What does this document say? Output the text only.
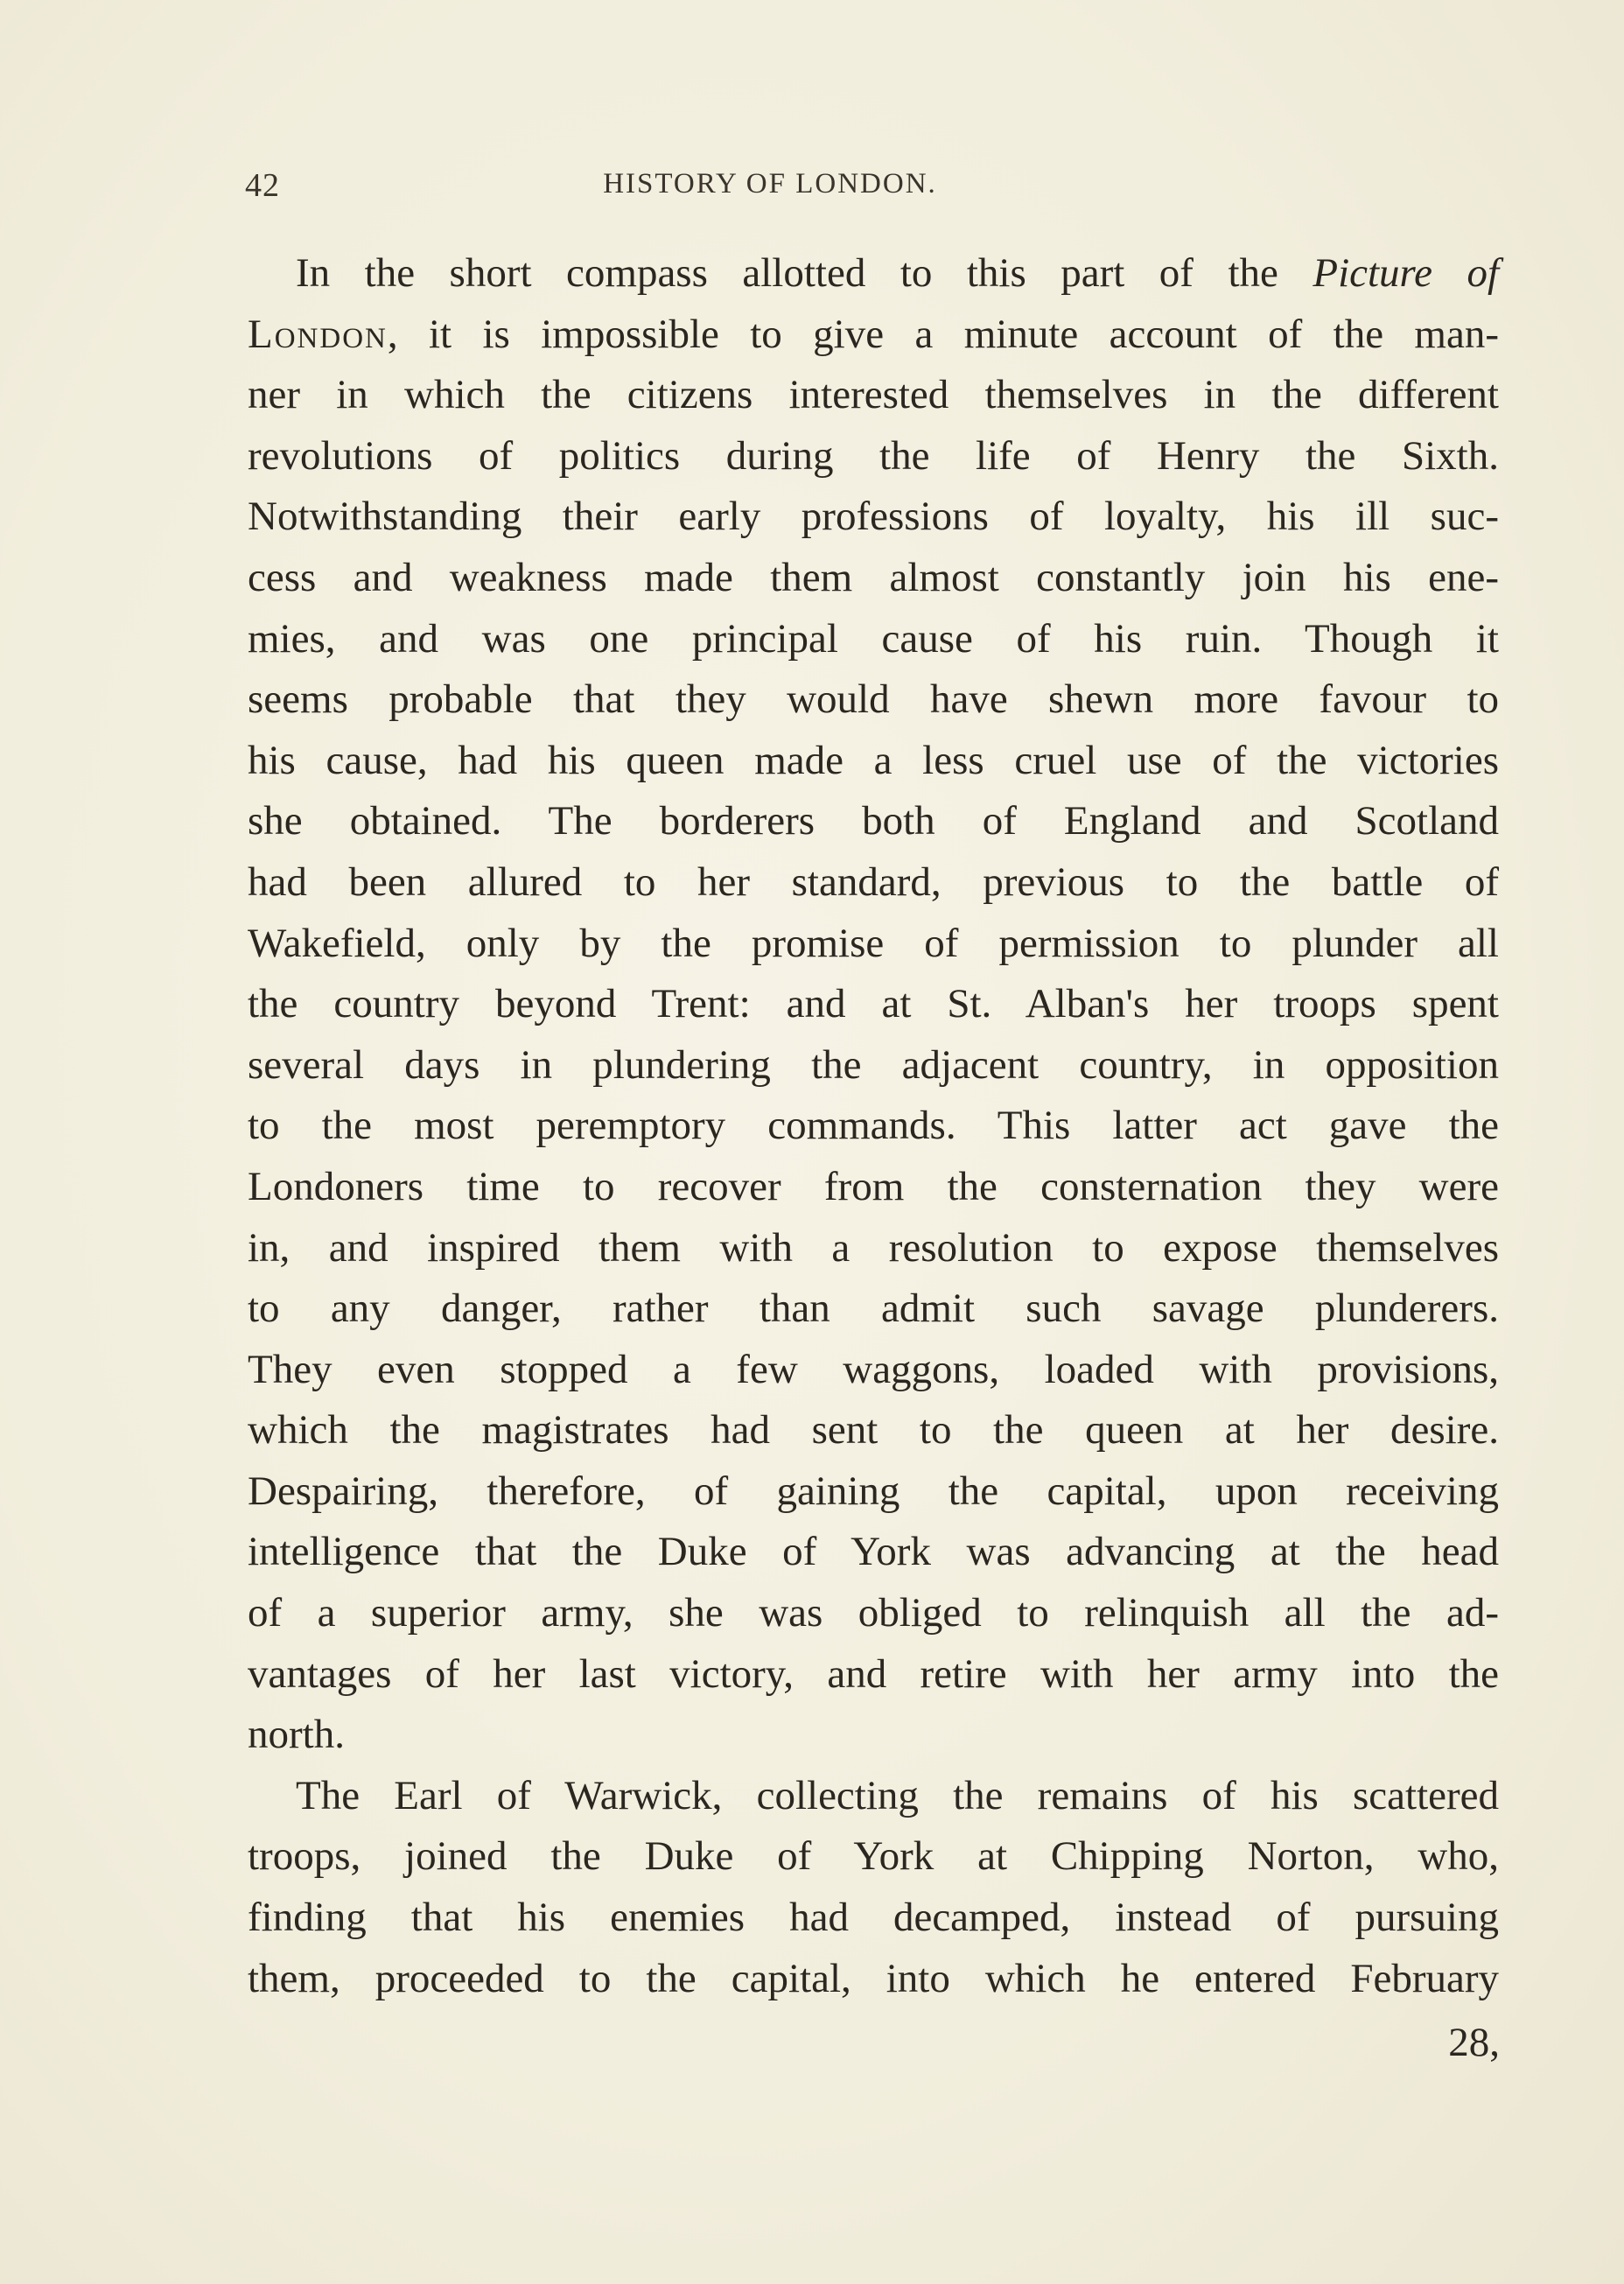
42	HISTORY OF LONDON.
In the short compass allotted to this part of the Picture of
London, it is impossible to give a minute account of the man-
ner in which the citizens interested themselves in the different
revolutions of politics during the life of Henry the Sixth.
Notwithstanding their early professions of loyalty, his ill suc-
cess and weakness made them almost constantly join his ene-
mies, and was one principal cause of his ruin. Though it
seems probable that they would have shewn more favour to
his cause, had his queen made a less cruel use of the victories
she obtained. The borderers both of England and Scotland
had been allured to her standard, previous to the battle of
Wakefield, only by the promise of permission to plunder all
the country beyond Trent: and at St. Alban's her troops spent
several days in plundering the adjacent country, in opposition
to the most peremptory commands. This latter act gave the
Londoners time to recover from the consternation they were
in, and inspired them with a resolution to expose themselves
to any danger, rather than admit such savage plunderers.
They even stopped a few waggons, loaded with provisions,
which the magistrates had sent to the queen at her desire.
Despairing, therefore, of gaining the capital, upon receiving
intelligence that the Duke of York was advancing at the head
of a superior army, she was obliged to relinquish all the ad-
vantages of her last victory, and retire with her army into the
north.
The Earl of Warwick, collecting the remains of his scattered
troops, joined the Duke of York at Chipping Norton, who,
finding that his enemies had decamped, instead of pursuing
them, proceeded to the capital, into which he entered February
28,
